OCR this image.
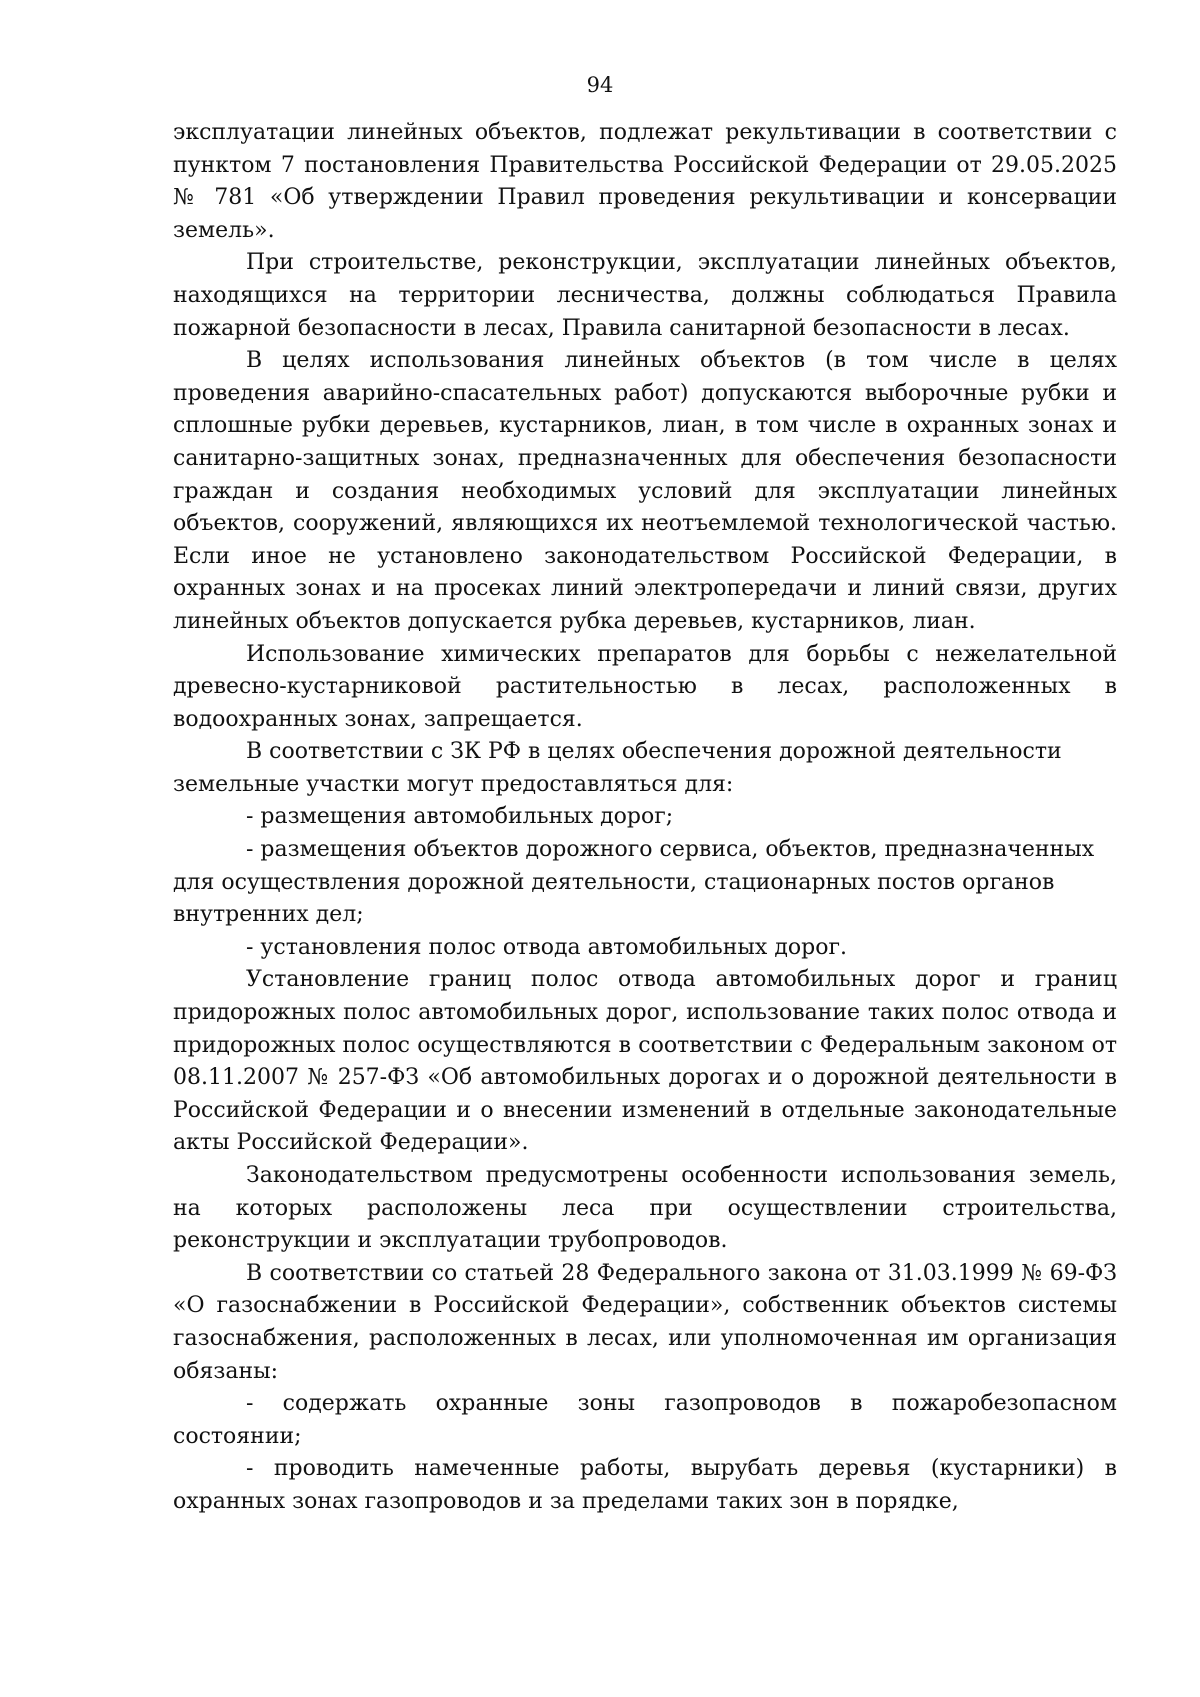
94

эксплуатации линейных объектов, подлежат рекультивации в соответствии с пунктом 7 постановления Правительства Российской Федерации от 29.05.2025 № 781 «Об утверждении Правил проведения рекультивации и консервации земель».

При строительстве, реконструкции, эксплуатации линейных объектов, находящихся на территории лесничества, должны соблюдаться Правила пожарной безопасности в лесах, Правила санитарной безопасности в лесах.

В целях использования линейных объектов (в том числе в целях проведения аварийно-спасательных работ) допускаются выборочные рубки и сплошные рубки деревьев, кустарников, лиан, в том числе в охранных зонах и санитарно-защитных зонах, предназначенных для обеспечения безопасности граждан и создания необходимых условий для эксплуатации линейных объектов, сооружений, являющихся их неотъемлемой технологической частью. Если иное не установлено законодательством Российской Федерации, в охранных зонах и на просеках линий электропередачи и линий связи, других линейных объектов допускается рубка деревьев, кустарников, лиан.

Использование химических препаратов для борьбы с нежелательной древесно-кустарниковой растительностью в лесах, расположенных в водоохранных зонах, запрещается.

В соответствии с ЗК РФ в целях обеспечения дорожной деятельности земельные участки могут предоставляться для:

- размещения автомобильных дорог;

- размещения объектов дорожного сервиса, объектов, предназначенных для осуществления дорожной деятельности, стационарных постов органов внутренних дел;

- установления полос отвода автомобильных дорог.

Установление границ полос отвода автомобильных дорог и границ придорожных полос автомобильных дорог, использование таких полос отвода и придорожных полос осуществляются в соответствии с Федеральным законом от 08.11.2007 № 257-ФЗ «Об автомобильных дорогах и о дорожной деятельности в Российской Федерации и о внесении изменений в отдельные законодательные акты Российской Федерации».

Законодательством предусмотрены особенности использования земель, на которых расположены леса при осуществлении строительства, реконструкции и эксплуатации трубопроводов.

В соответствии со статьей 28 Федерального закона от 31.03.1999 № 69-ФЗ «О газоснабжении в Российской Федерации», собственник объектов системы газоснабжения, расположенных в лесах, или уполномоченная им организация обязаны:

- содержать охранные зоны газопроводов в пожаробезопасном состоянии;

- проводить намеченные работы, вырубать деревья (кустарники) в охранных зонах газопроводов и за пределами таких зон в порядке,
